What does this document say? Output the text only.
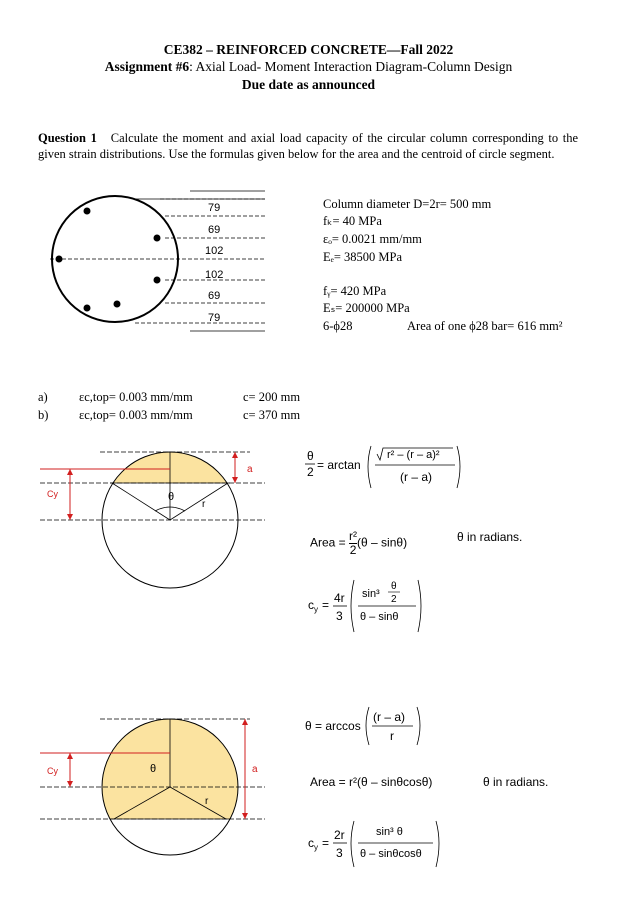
CE382 – REINFORCED CONCRETE—Fall 2022
Assignment #6: Axial Load- Moment Interaction Diagram-Column Design
Due date as announced
Question 1 Calculate the moment and axial load capacity of the circular column corresponding to the given strain distributions. Use the formulas given below for the area and the centroid of circle segment.
79
69
102
102
69
79
Column diameter D=2r= 500 mm
fₖ= 40 MPa
εₒ= 0.0021 mm/mm
Eₑ= 38500 MPa
fᵧ= 420 MPa
Eₛ= 200000 MPa
6-ϕ28	Area of one ϕ28 bar= 616 mm²
a)	εc,top= 0.003 mm/mm	c= 200 mm
b) εc,top= 0.003 mm/mm	c= 370 mm
Cy	θ
r
a
θ
2 = arctan
r² – (r – a)²
(r – a)
Area = $\frac{\text{r²}}{2} (\theta - \sin\theta)$	θ in radians.
c y = 4r
3
sin³
θ
2
θ – sinθ
Cy	θ
r
a
θ = arccos
(r – a)
r
Area = r²(θ – sinθcosθ)	θ in radians.
c y =
2r
3
sin³ θ
θ – sinθcosθ
